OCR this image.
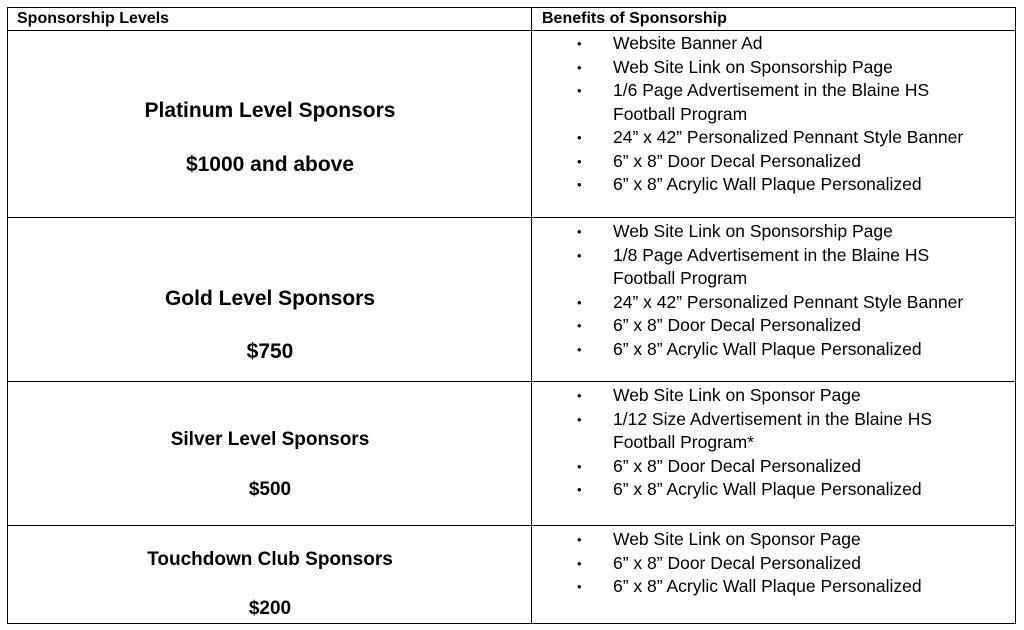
Sponsorship Levels	Benefits of Sponsorship
Platinum Level Sponsors
$1000 and above
• Website Banner Ad
• Web Site Link on Sponsorship Page
• 1/6 Page Advertisement in the Blaine HS
Football Program
• 24” x 42” Personalized Pennant Style Banner
• 6” x 8” Door Decal Personalized
• 6” x 8” Acrylic Wall Plaque Personalized
Gold Level Sponsors
$750
• Web Site Link on Sponsorship Page
• 1/8 Page Advertisement in the Blaine HS
Football Program
• 24” x 42” Personalized Pennant Style Banner
• 6” x 8” Door Decal Personalized
• 6” x 8” Acrylic Wall Plaque Personalized
Silver Level Sponsors
$500
• Web Site Link on Sponsor Page
• 1/12 Size Advertisement in the Blaine HS
Football Program*
• 6” x 8” Door Decal Personalized
• 6” x 8” Acrylic Wall Plaque Personalized
Touchdown Club Sponsors
$200
• Web Site Link on Sponsor Page
• 6” x 8” Door Decal Personalized
• 6” x 8” Acrylic Wall Plaque Personalized
